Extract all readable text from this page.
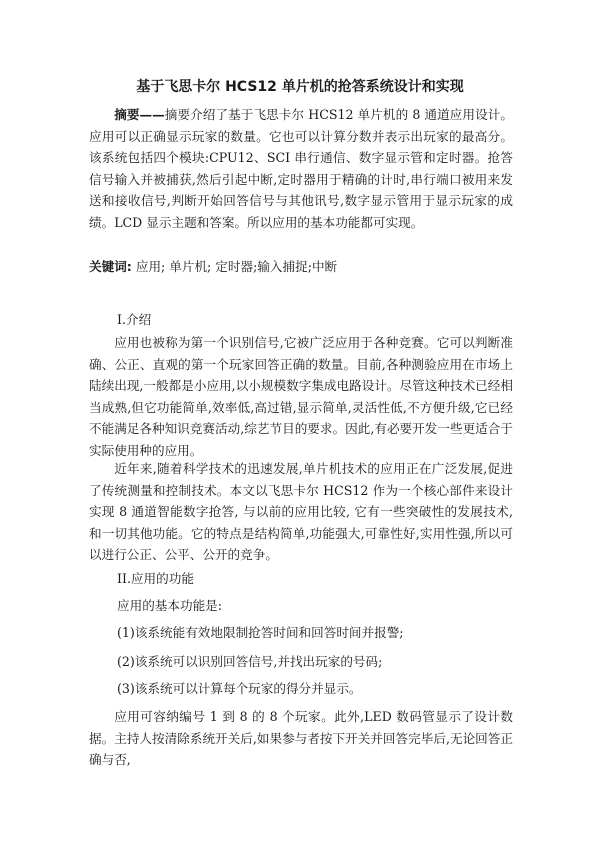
基于飞思卡尔 HCS12 单片机的抢答系统设计和实现

摘要——摘要介绍了基于飞思卡尔 HCS12 单片机的 8 通道应用设计。应用可以正确显示玩家的数量。它也可以计算分数并表示出玩家的最高分。该系统包括四个模块:CPU12、SCI 串行通信、数字显示管和定时器。抢答信号输入并被捕获,然后引起中断,定时器用于精确的计时,串行端口被用来发送和接收信号,判断开始回答信号与其他讯号,数字显示管用于显示玩家的成绩。LCD 显示主题和答案。所以应用的基本功能都可实现。

关键词: 应用; 单片机; 定时器;输入捕捉;中断

I.介绍

应用也被称为第一个识别信号,它被广泛应用于各种竞赛。它可以判断准确、公正、直观的第一个玩家回答正确的数量。目前,各种测验应用在市场上陆续出现,一般都是小应用,以小规模数字集成电路设计。尽管这种技术已经相当成熟,但它功能简单,效率低,高过错,显示简单,灵活性低,不方便升级,它已经不能满足各种知识竞赛活动,综艺节目的要求。因此,有必要开发一些更适合于实际使用种的应用。

近年来,随着科学技术的迅速发展,单片机技术的应用正在广泛发展,促进了传统测量和控制技术。本文以飞思卡尔 HCS12 作为一个核心部件来设计实现 8 通道智能数字抢答, 与以前的应用比较, 它有一些突破性的发展技术, 和一切其他功能。它的特点是结构简单,功能强大,可靠性好,实用性强,所以可以进行公正、公平、公开的竞争。

II.应用的功能

应用的基本功能是:

(1)该系统能有效地限制抢答时间和回答时间并报警;

(2)该系统可以识别回答信号,并找出玩家的号码;

(3)该系统可以计算每个玩家的得分并显示。

应用可容纳编号 1 到 8 的 8 个玩家。此外,LED 数码管显示了设计数据。主持人按清除系统开关后,如果参与者按下开关并回答完毕后,无论回答正确与否,
